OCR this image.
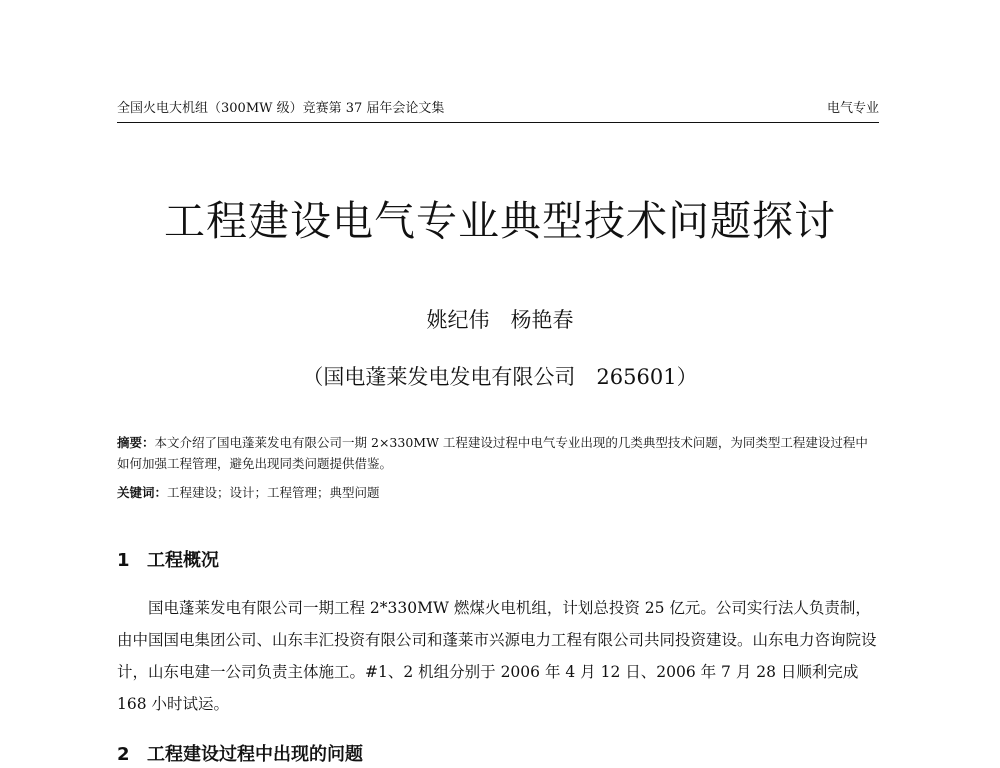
全国火电大机组（300MW 级）竞赛第 37 届年会论文集	电气专业
工程建设电气专业典型技术问题探讨
姚纪伟　杨艳春
（国电蓬莱发电发电有限公司　265601）
摘要：本文介绍了国电蓬莱发电有限公司一期 2×330MW 工程建设过程中电气专业出现的几类典型技术问题，为同类型工程建设过程中如何加强工程管理，避免出现同类问题提供借鉴。
关键词：工程建设；设计；工程管理；典型问题
1 工程概况

国电蓬莱发电有限公司一期工程 2*330MW 燃煤火电机组，计划总投资 25 亿元。公司实行法人负责制，由中国国电集团公司、山东丰汇投资有限公司和蓬莱市兴源电力工程有限公司共同投资建设。山东电力咨询院设计，山东电建一公司负责主体施工。#1、2 机组分别于 2006 年 4 月 12 日、2006 年 7 月 28 日顺利完成 168 小时试运。

2 工程建设过程中出现的问题
